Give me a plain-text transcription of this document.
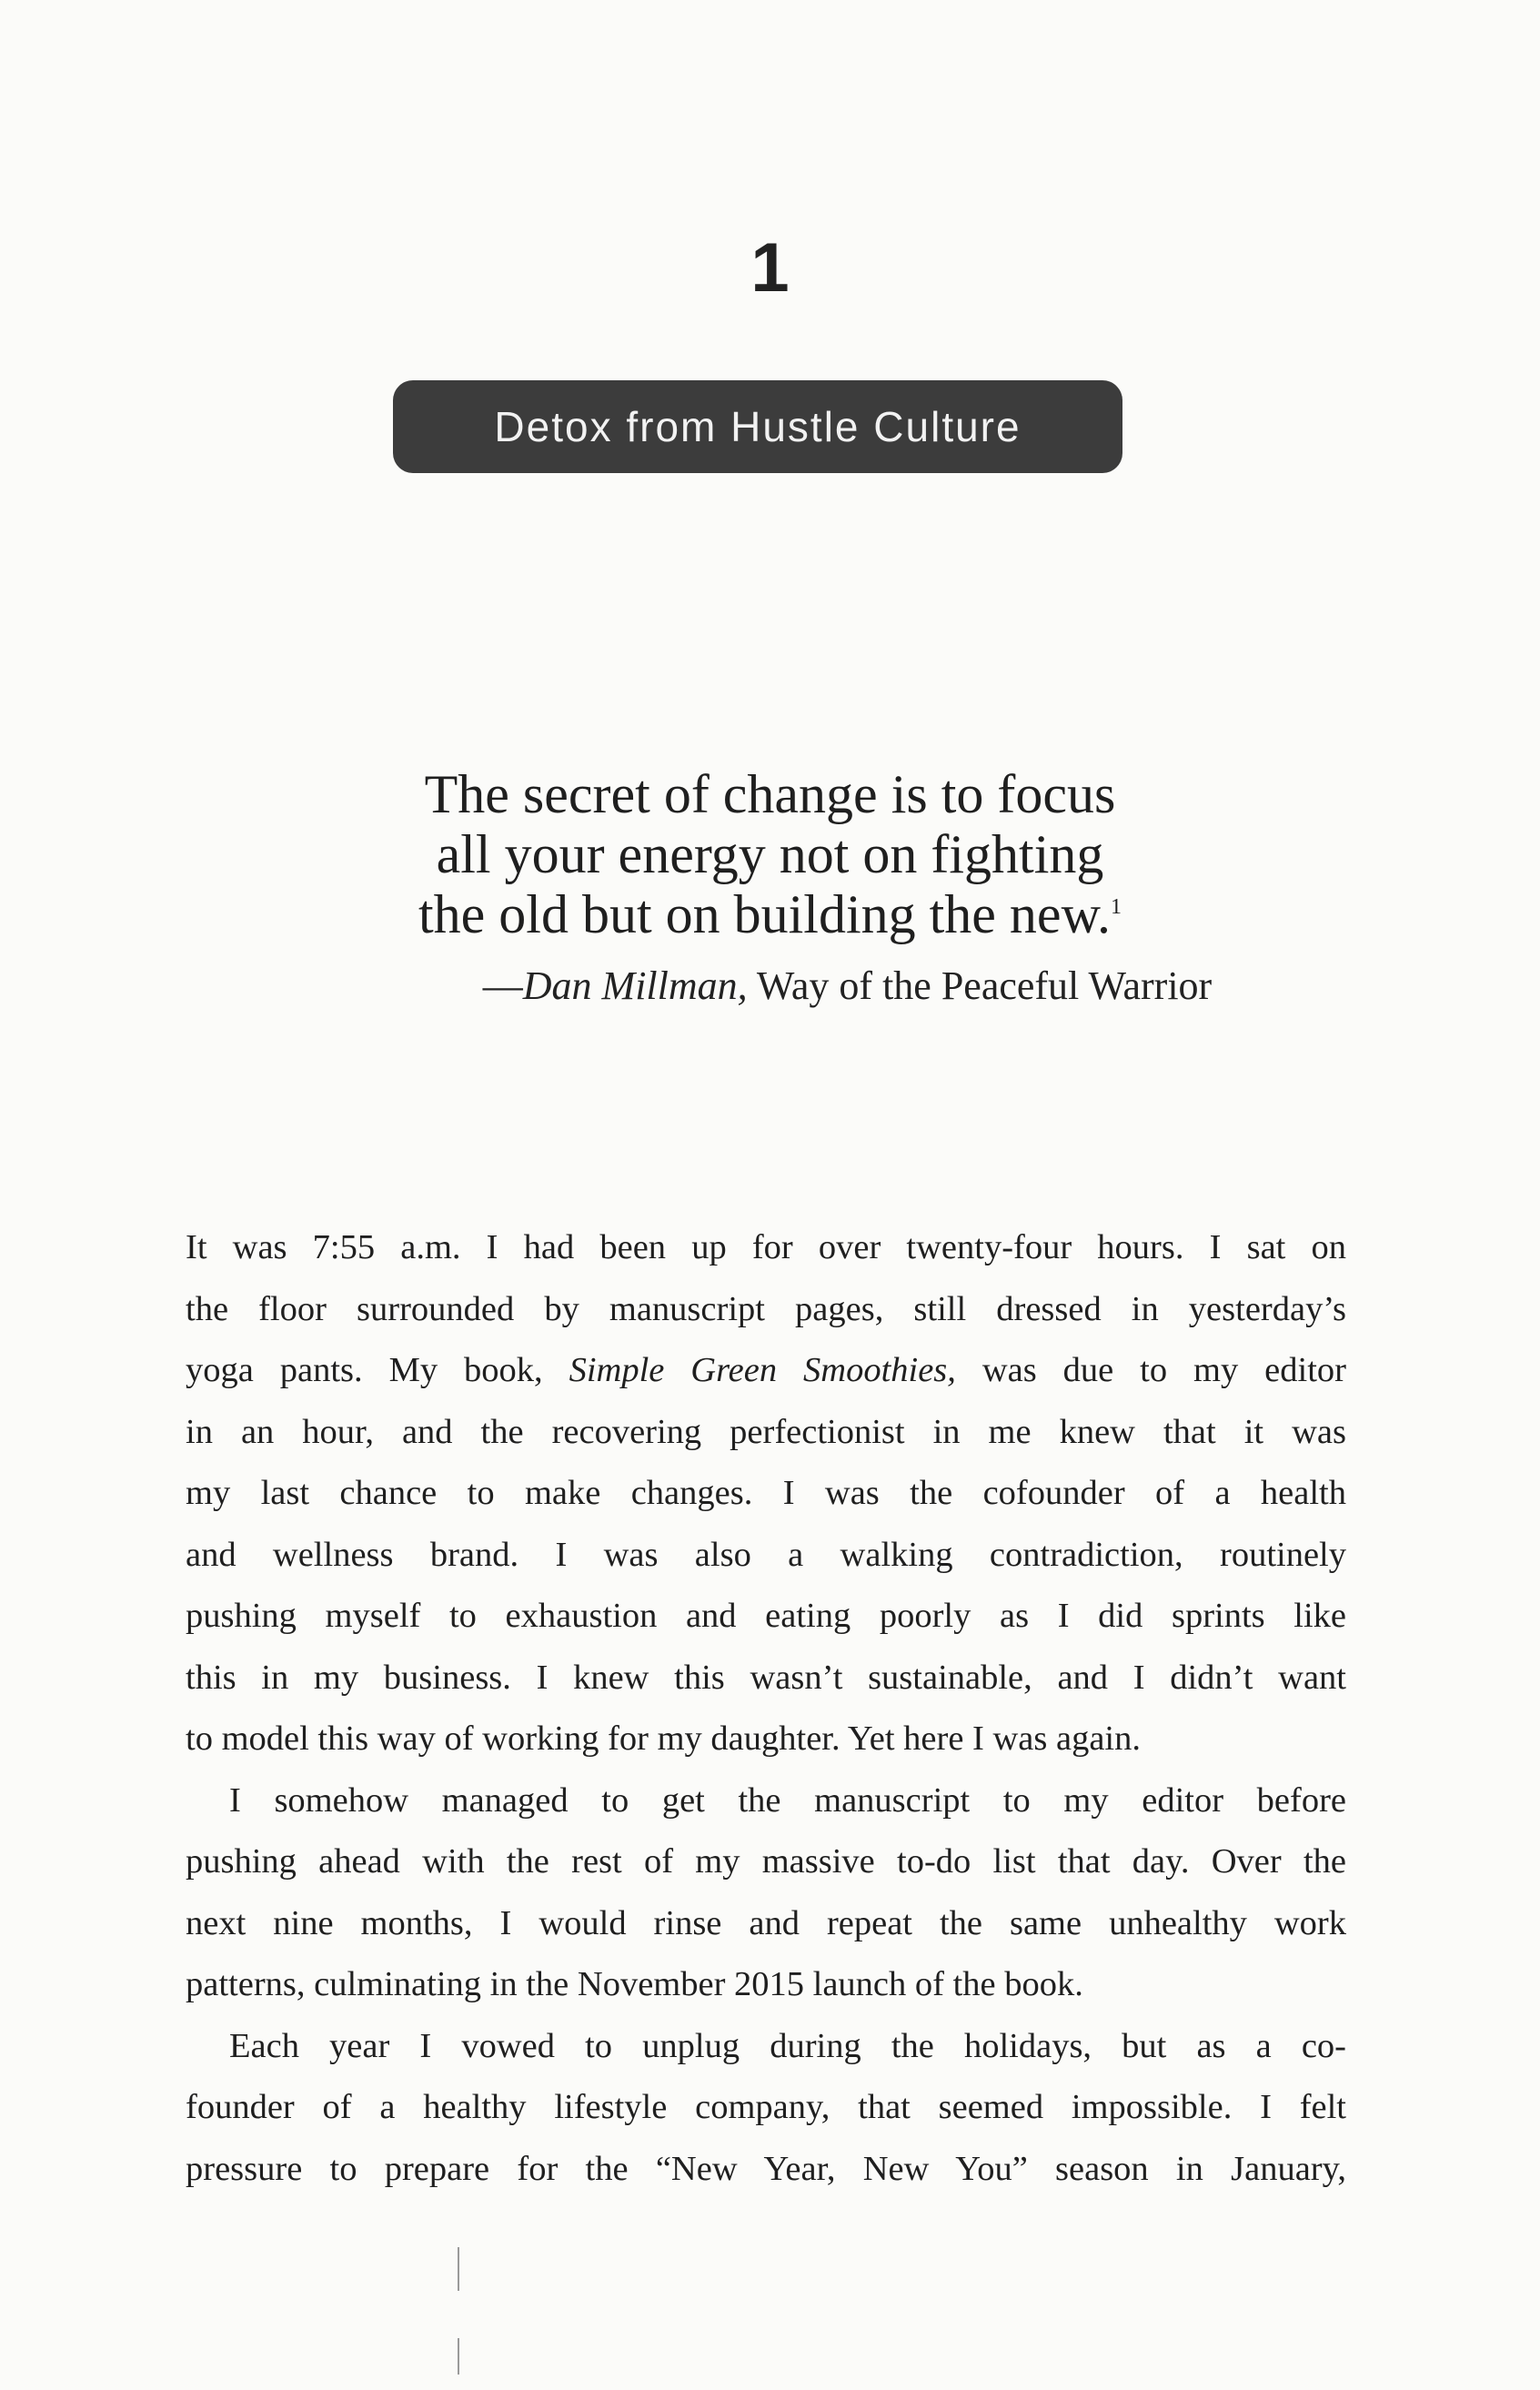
1
Detox from Hustle Culture
The secret of change is to focus
all your energy not on fighting
the old but on building the new.$^1$
—Dan Millman, Way of the Peaceful Warrior
It was 7:55 a.m. I had been up for over twenty-four hours. I sat on
the floor surrounded by manuscript pages, still dressed in yesterday’s
yoga pants. My book, Simple Green Smoothies, was due to my editor
in an hour, and the recovering perfectionist in me knew that it was
my last chance to make changes. I was the cofounder of a health
and wellness brand. I was also a walking contradiction, routinely
pushing myself to exhaustion and eating poorly as I did sprints like
this in my business. I knew this wasn’t sustainable, and I didn’t want
to model this way of working for my daughter. Yet here I was again.
I somehow managed to get the manuscript to my editor before
pushing ahead with the rest of my massive to-do list that day. Over the
next nine months, I would rinse and repeat the same unhealthy work
patterns, culminating in the November 2015 launch of the book.
Each year I vowed to unplug during the holidays, but as a co-
founder of a healthy lifestyle company, that seemed impossible. I felt
pressure to prepare for the “New Year, New You” season in January,
